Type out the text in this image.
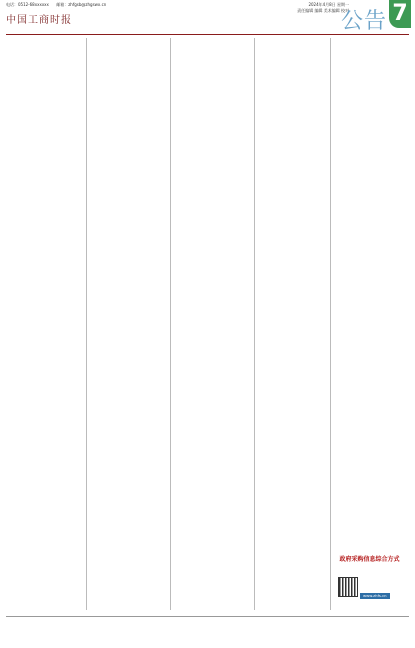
电话：0512-68xxxxxx 邮箱：zhfgsb@zhgswx.cn
中国工商时报
2024年4月8日 星期一
责任编辑 编辑 美术编辑 校对
公告 7
政府采购信息综合方式
www.zhfs.cn
